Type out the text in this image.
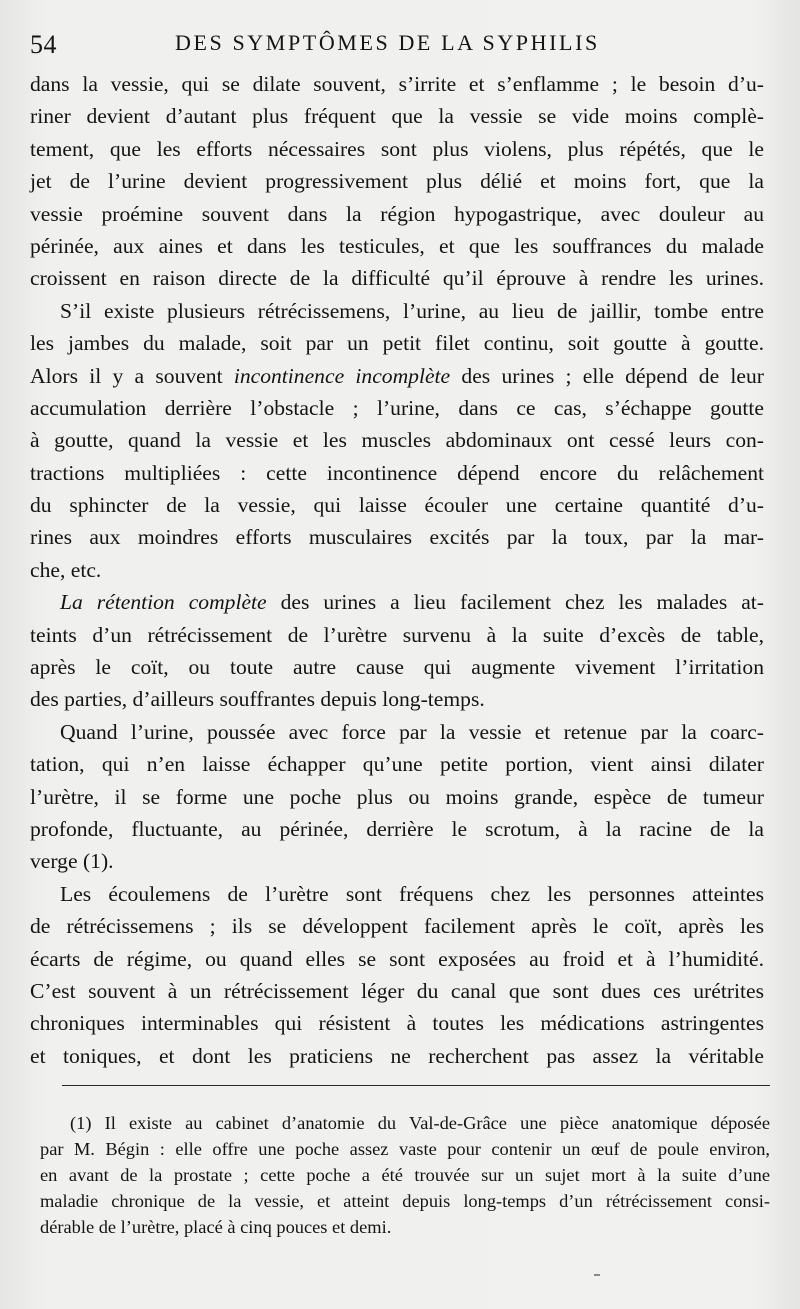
54	DES SYMPTÔMES DE LA SYPHILIS
dans la vessie, qui se dilate souvent, s’irrite et s’enflamme ; le besoin d’u-
riner devient d’autant plus fréquent que la vessie se vide moins complè-
tement, que les efforts nécessaires sont plus violens, plus répétés, que le
jet de l’urine devient progressivement plus délié et moins fort, que la
vessie proémine souvent dans la région hypogastrique, avec douleur au
périnée, aux aines et dans les testicules, et que les souffrances du malade
croissent en raison directe de la difficulté qu’il éprouve à rendre les urines.
S’il existe plusieurs rétrécissemens, l’urine, au lieu de jaillir, tombe entre
les jambes du malade, soit par un petit filet continu, soit goutte à goutte.
Alors il y a souvent incontinence incomplète des urines ; elle dépend de leur
accumulation derrière l’obstacle ; l’urine, dans ce cas, s’échappe goutte
à goutte, quand la vessie et les muscles abdominaux ont cessé leurs con-
tractions multipliées : cette incontinence dépend encore du relâchement
du sphincter de la vessie, qui laisse écouler une certaine quantité d’u-
rines aux moindres efforts musculaires excités par la toux, par la mar-
che, etc.
La rétention complète des urines a lieu facilement chez les malades at-
teints d’un rétrécissement de l’urètre survenu à la suite d’excès de table,
après le coït, ou toute autre cause qui augmente vivement l’irritation
des parties, d’ailleurs souffrantes depuis long-temps.
Quand l’urine, poussée avec force par la vessie et retenue par la coarc-
tation, qui n’en laisse échapper qu’une petite portion, vient ainsi dilater
l’urètre, il se forme une poche plus ou moins grande, espèce de tumeur
profonde, fluctuante, au périnée, derrière le scrotum, à la racine de la
verge (1).
Les écoulemens de l’urètre sont fréquens chez les personnes atteintes
de rétrécissemens ; ils se développent facilement après le coït, après les
écarts de régime, ou quand elles se sont exposées au froid et à l’humidité.
C’est souvent à un rétrécissement léger du canal que sont dues ces urétrites
chroniques interminables qui résistent à toutes les médications astringentes
et toniques, et dont les praticiens ne recherchent pas assez la véritable
(1) Il existe au cabinet d’anatomie du Val-de-Grâce une pièce anatomique déposée
par M. Bégin : elle offre une poche assez vaste pour contenir un œuf de poule environ,
en avant de la prostate ; cette poche a été trouvée sur un sujet mort à la suite d’une
maladie chronique de la vessie, et atteint depuis long-temps d’un rétrécissement consi-
dérable de l’urètre, placé à cinq pouces et demi.
